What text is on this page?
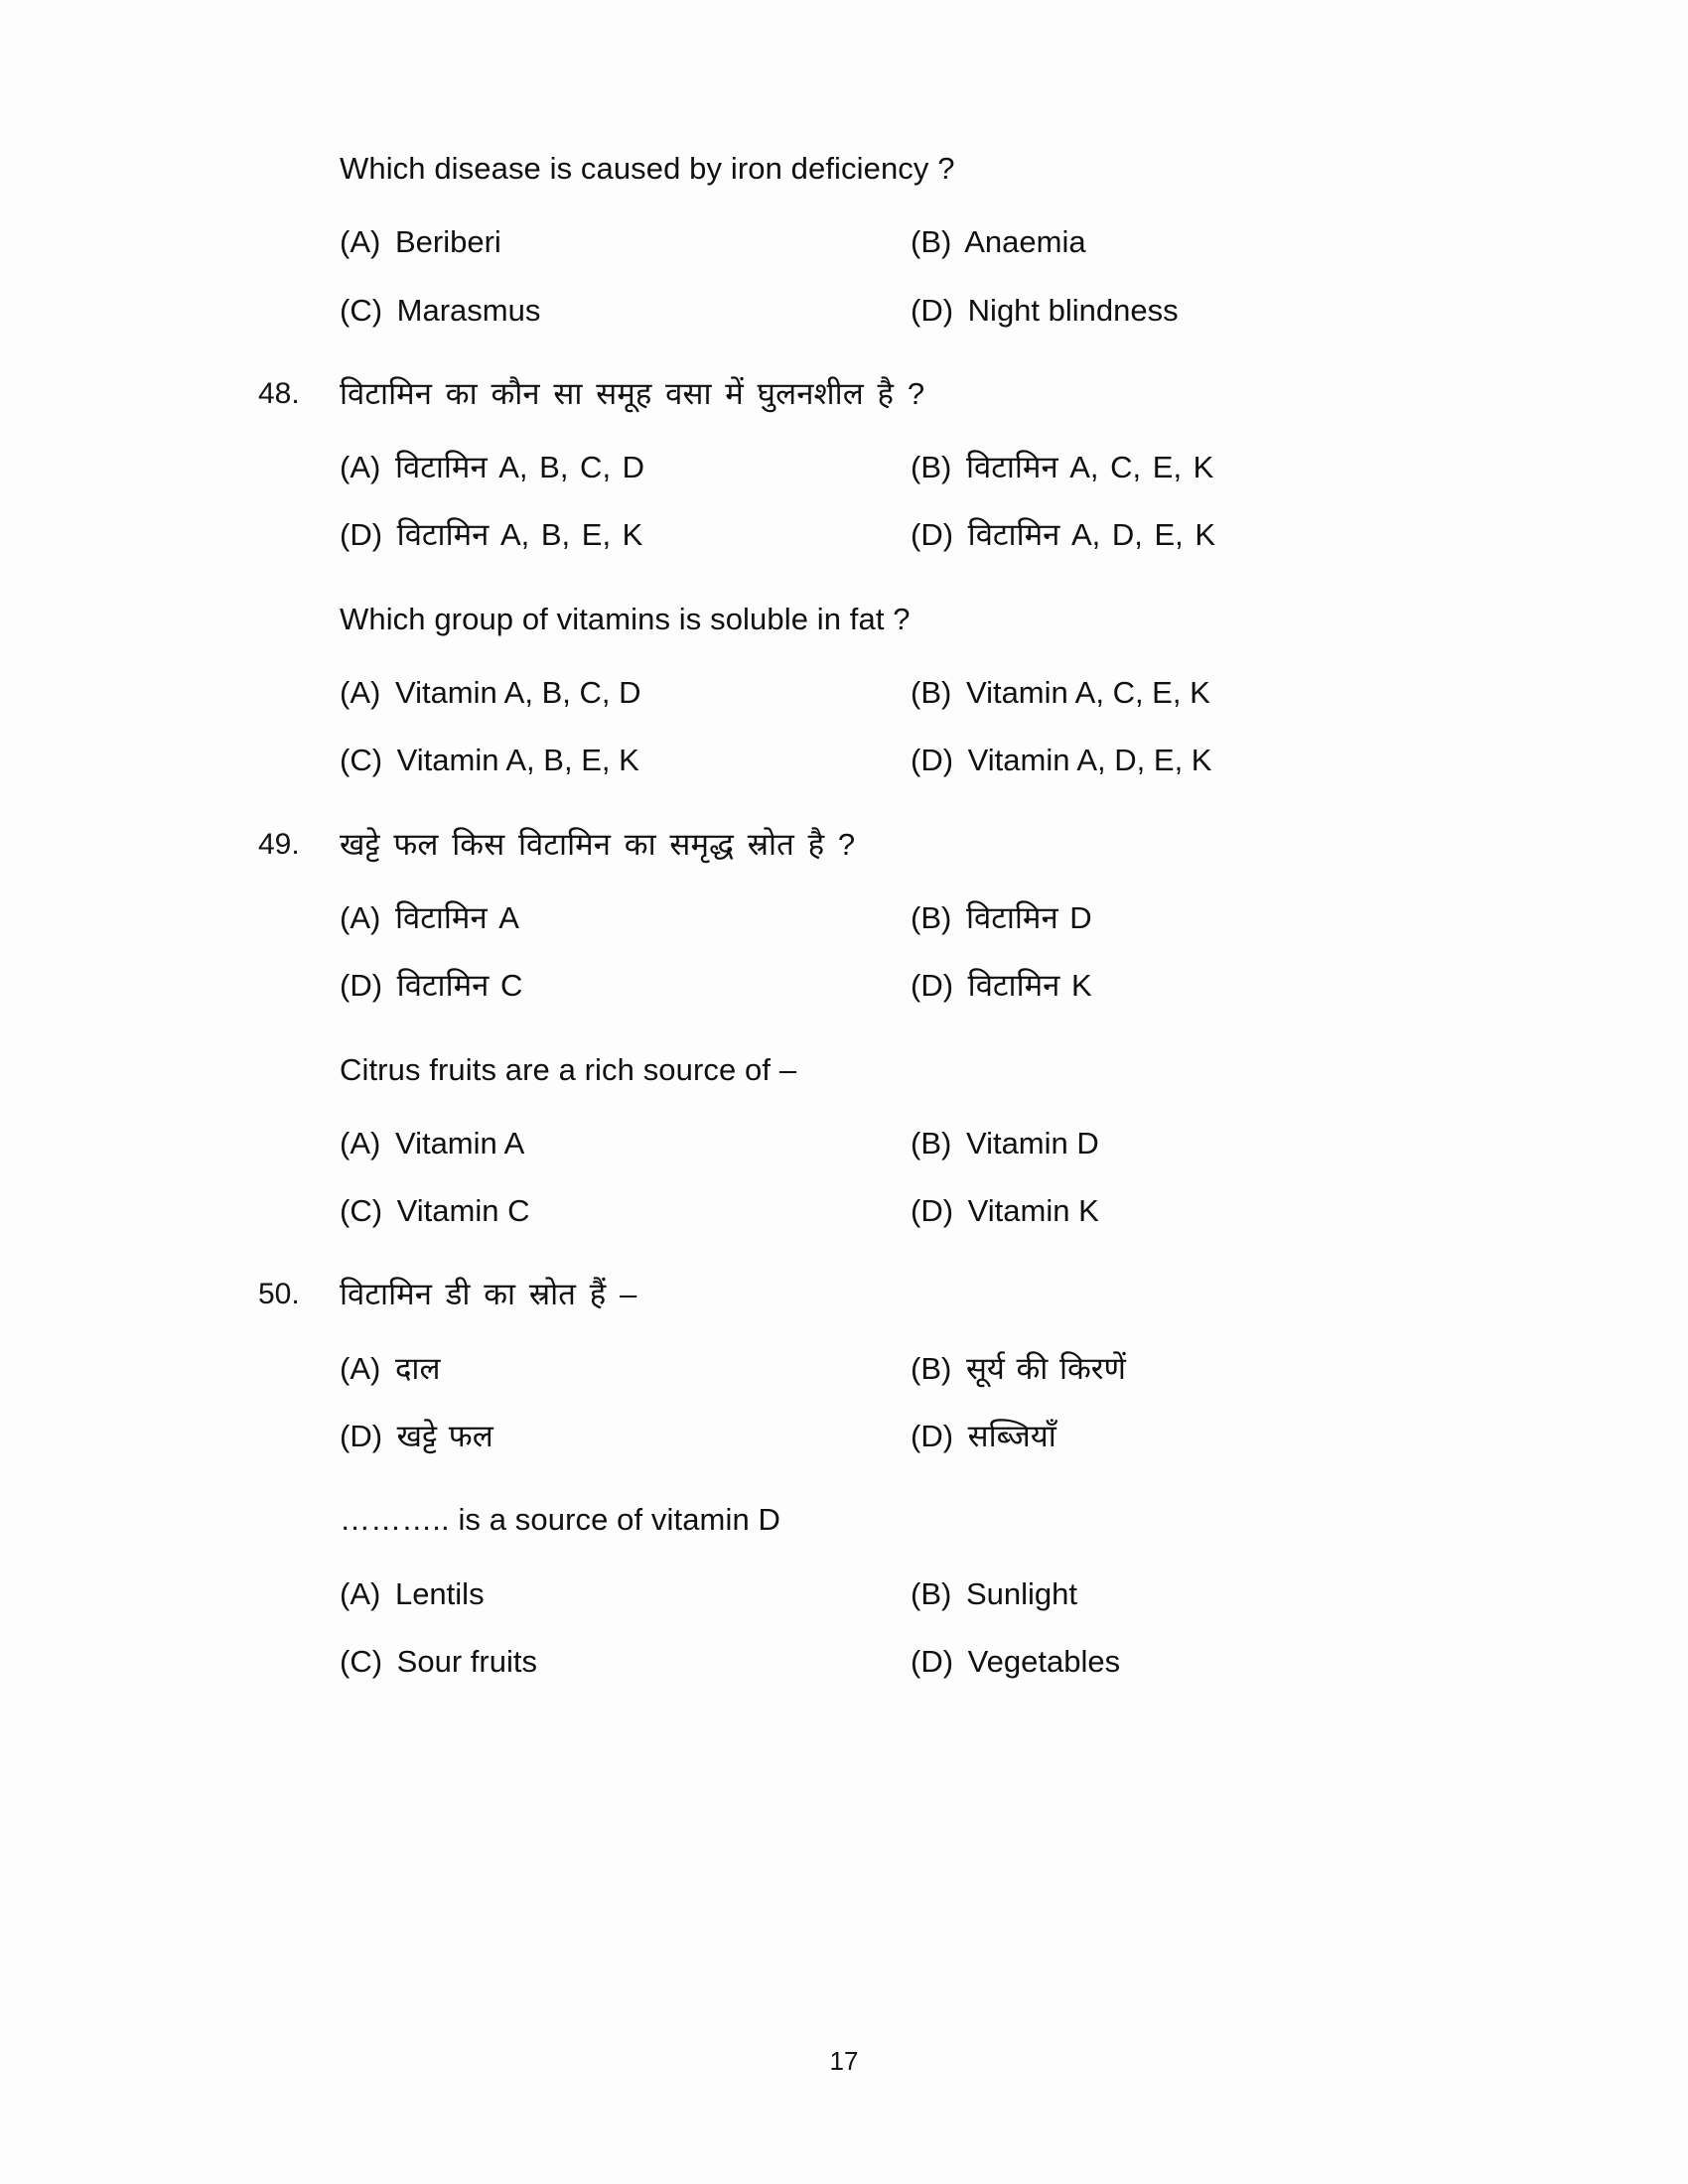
Which disease is caused by iron deficiency ?
(A) Beriberi	(B) Anaemia
(C) Marasmus	(D) Night blindness
48.	विटामिन का कौन सा समूह वसा में घुलनशील है ?
(A) विटामिन A, B, C, D	(B) विटामिन A, C, E, K
(D) विटामिन A, B, E, K	(D) विटामिन A, D, E, K
Which group of vitamins is soluble in fat ?
(A) Vitamin A, B, C, D	(B) Vitamin A, C, E, K
(C) Vitamin A, B, E, K	(D) Vitamin A, D, E, K
49.	खट्टे फल किस विटामिन का समृद्ध स्रोत है ?
(A) विटामिन A	(B) विटामिन D
(D) विटामिन C	(D) विटामिन K
Citrus fruits are a rich source of –
(A) Vitamin A	(B) Vitamin D
(C) Vitamin C	(D) Vitamin K
50.	विटामिन डी का स्रोत हैं –
(A) दाल	(B) सूर्य की किरणें
(D) खट्टे फल	(D) सब्जियाँ
……….. is a source of vitamin D
(A) Lentils	(B) Sunlight
(C) Sour fruits	(D) Vegetables
17
